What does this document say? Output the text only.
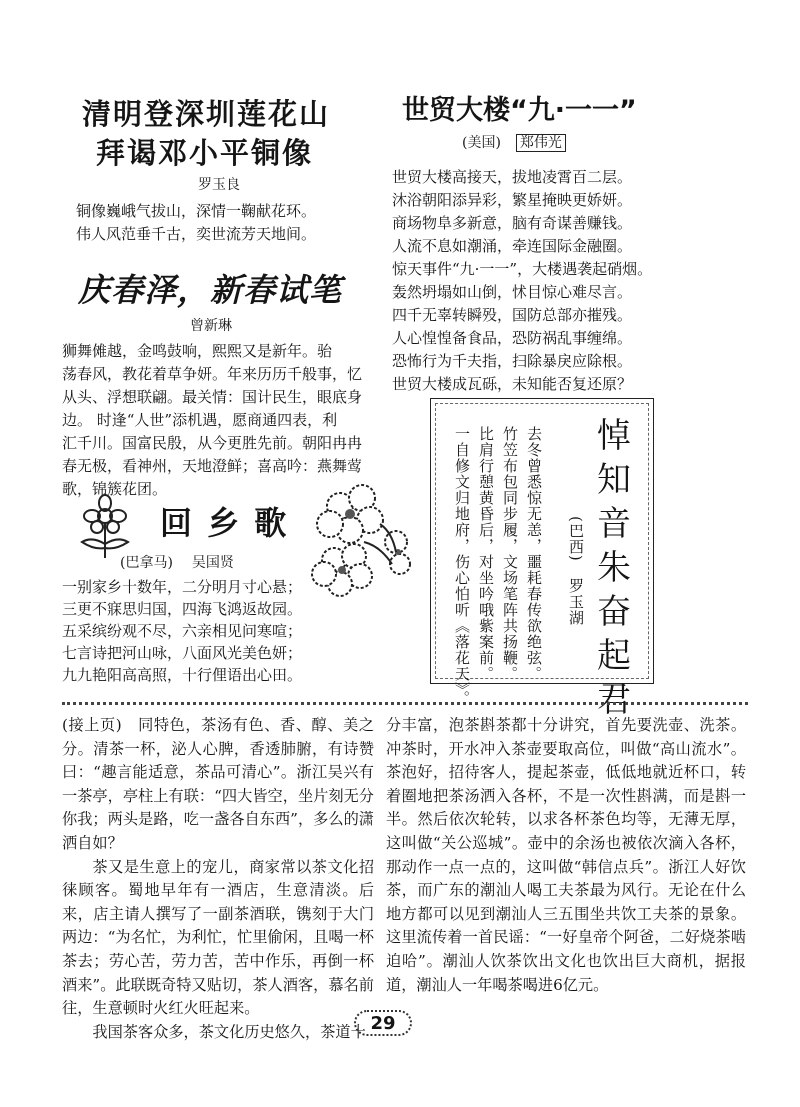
清明登深圳莲花山
拜谒邓小平铜像
罗玉良
铜像巍峨气拔山，深情一鞠献花环。
伟人风范垂千古，奕世流芳天地间。
庆春泽，新春试笔
曾新琳
狮舞傩越，金鸣鼓响，熙熙又是新年。骀
荡春风，教花着草争妍。年来历历千般事，忆
从头、浮想联翩。最关情：国计民生，眼底身
边。 时逢“人世”添机遇，愿商通四表，利
汇千川。国富民殷，从今更胜先前。朝阳冉冉
春无极，看神州，天地澄鲜；喜高吟：燕舞莺
歌，锦簇花团。
回 乡 歌
(巴拿马) 吴国贤
一别家乡十数年，二分明月寸心悬；
三更不寐思归国，四海飞鸿返故园。
五采缤纷观不尽，六亲相见问寒喧；
七言诗把河山咏，八面风光美色妍；
九九艳阳高高照，十行俚语出心田。
世贸大楼“九·一一”
(美国) 郑伟光
世贸大楼高接天，拔地凌霄百二层。
沐浴朝阳添异彩，繁星掩映更娇妍。
商场物阜多新意，脑有奇谋善赚钱。
人流不息如潮涌，牵连国际金融圈。
惊天事件“九·一一”，大楼遇袭起硝烟。
轰然坍塌如山倒，怵目惊心难尽言。
四千无辜转瞬殁，国防总部亦摧残。
人心惶惶备食品，恐防祸乱事缠绵。
恐怖行为千夫指，扫除暴戾应除根。
世贸大楼成瓦砾，未知能否复还原？
悼知音朱奋起君
(巴西)
罗玉湖
去冬曾悉惊无恙，噩耗春传欲绝弦。
竹笠布包同步履，文场笔阵共扬鞭。
比肩行憩黄昏后，对坐吟哦紫案前。
一自修文归地府，伤心怕听《落花天》。

(接上页)　同特色，茶汤有色、香、醇、美之分。清茶一杯，泌人心脾，香透肺腑，有诗赞曰：“趣言能适意，茶品可清心”。浙江吴兴有一茶亭，亭柱上有联：“四大皆空，坐片刻无分你我；两头是路，吃一盏各自东西”，多么的潇洒自如？

茶又是生意上的宠儿，商家常以茶文化招徕顾客。蜀地早年有一酒店，生意清淡。后来，店主请人撰写了一副茶酒联，镌刻于大门两边：“为名忙，为利忙，忙里偷闲，且喝一杯茶去；劳心苦，劳力苦，苦中作乐，再倒一杯酒来”。此联既奇特又贴切，茶人酒客，慕名前往，生意顿时火红火旺起来。

我国茶客众多，茶文化历史悠久，茶道十

分丰富，泡茶斟茶都十分讲究，首先要洗壶、洗茶。冲茶时，开水冲入茶壶要取高位，叫做“高山流水”。茶泡好，招待客人，提起茶壶，低低地就近杯口，转着圈地把茶汤洒入各杯，不是一次性斟满，而是斟一半。然后依次轮转，以求各杯茶色均等，无薄无厚，这叫做“关公巡城”。壶中的余汤也被依次滴入各杯，那动作一点一点的，这叫做“韩信点兵”。浙江人好饮茶，而广东的潮汕人喝工夫茶最为风行。无论在什么地方都可以见到潮汕人三五围坐共饮工夫茶的景象。这里流传着一首民谣：“一好皇帝个阿爸，二好烧茶啮迫哈”。潮汕人饮茶饮出文化也饮出巨大商机，据报道，潮汕人一年喝茶喝进6亿元。

29
